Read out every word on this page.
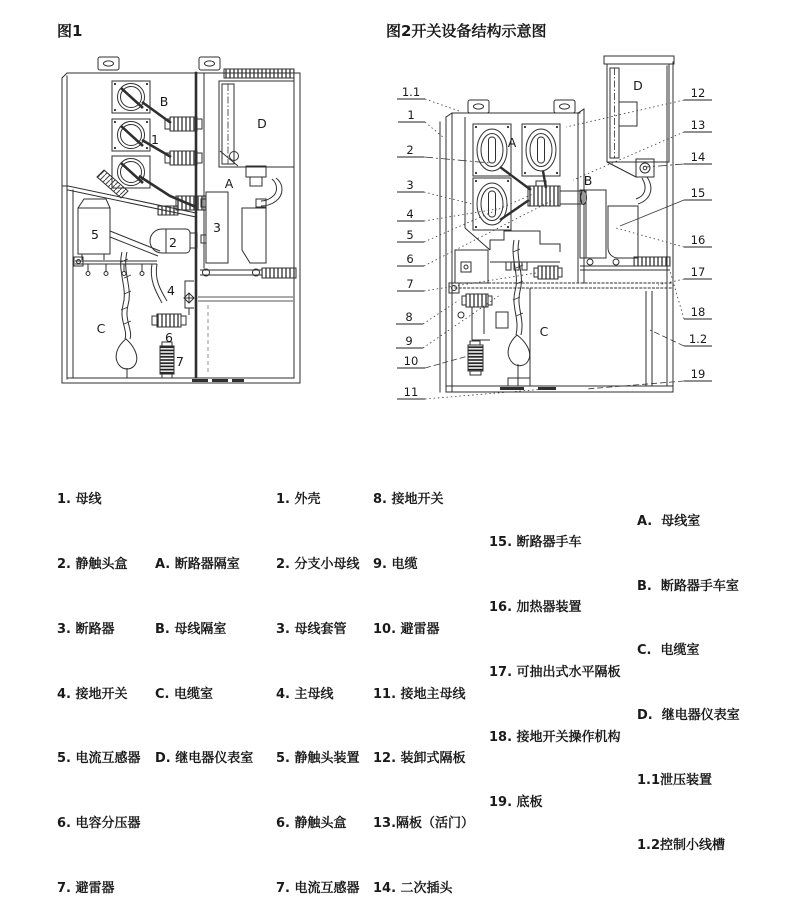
图1	图2开关设备结构示意图
B
1
D
A
5
2
3
4
C
6
7
1.1
1
2
3
4
5
6
7
8
9
10
11
12
13
14
15
16
17
18
1.2
19
A
B
C
D

1. 母线

2. 静触头盒

3. 断路器

4. 接地开关

5. 电流互感器

6. 电容分压器

7. 避雷器

A. 断路器隔室

B. 母线隔室

C. 电缆室

D. 继电器仪表室

1. 外壳

2. 分支小母线

3. 母线套管

4. 主母线

5. 静触头装置

6. 静触头盒

7. 电流互感器

8. 接地开关

9. 电缆

10. 避雷器

11. 接地主母线

12. 装卸式隔板

13.隔板（活门）

14. 二次插头

15. 断路器手车

16. 加热器装置

17. 可抽出式水平隔板

18. 接地开关操作机构

19. 底板

A.  母线室

B.  断路器手车室

C.  电缆室

D.  继电器仪表室

1.1泄压装置

1.2控制小线槽
